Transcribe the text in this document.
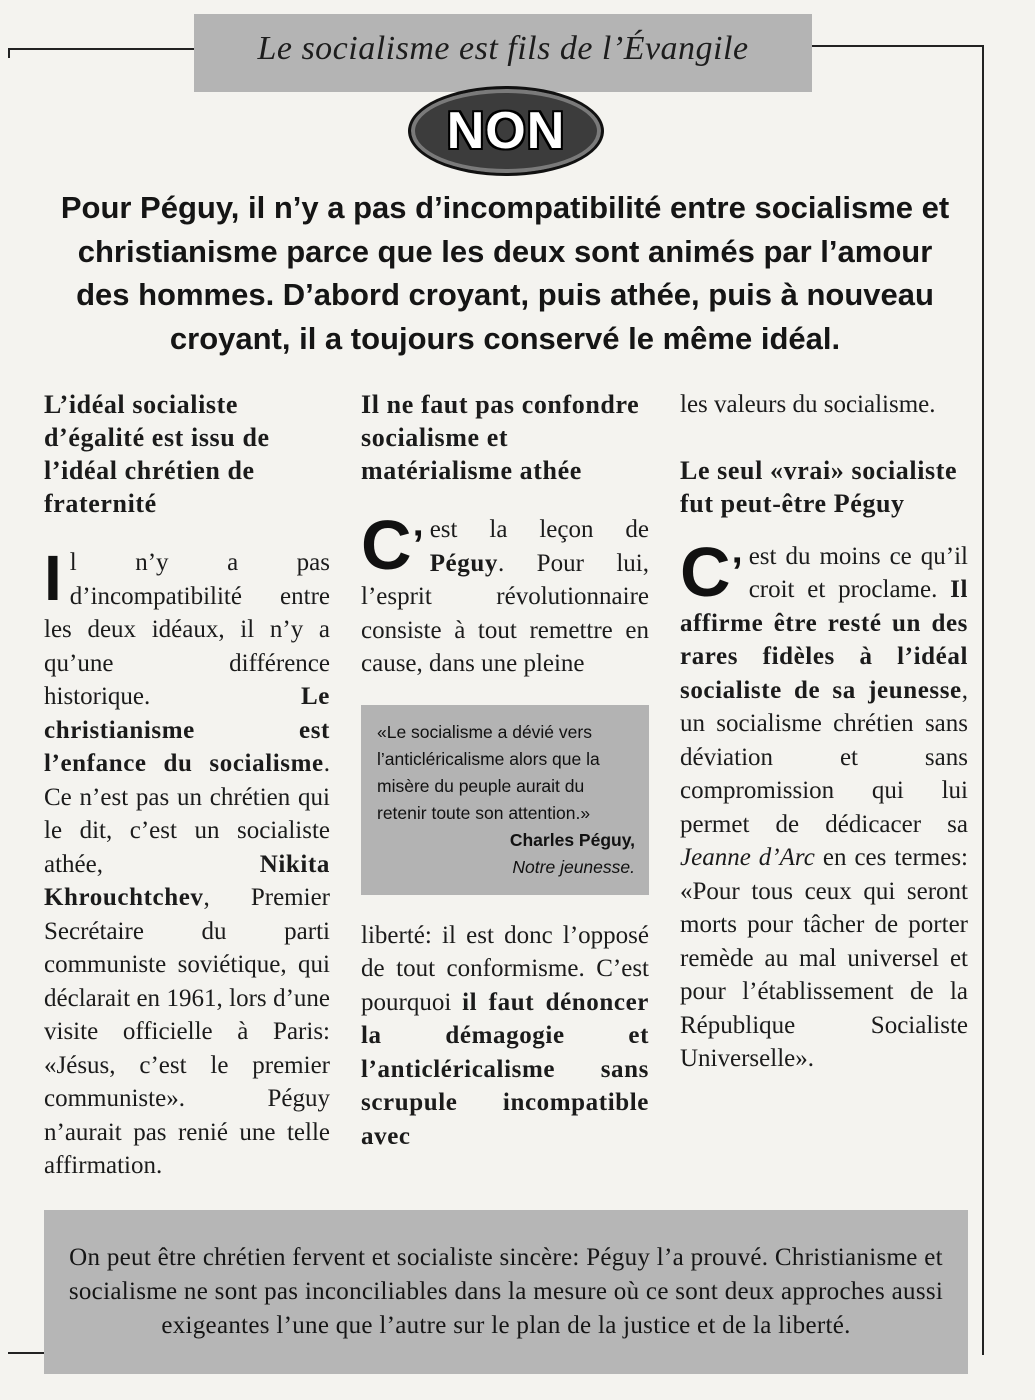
Le socialisme est fils de l’Évangile
NON

Pour Péguy, il n’y a pas d’incompatibilité entre socialisme et christianisme parce que les deux sont animés par l’amour des hommes. D’abord croyant, puis athée, puis à nouveau croyant, il a toujours conservé le même idéal.

L’idéal socialiste d’égalité est issu de l’idéal chrétien de fraternité

Il n’y a pas d’incompatibilité entre les deux idéaux, il n’y a qu’une différence historique.	Le christianisme est l’enfance du socialisme. Ce n’est pas un chrétien qui le dit, c’est un socialiste athée,	Nikita Khrouchtchev, Premier Secrétaire du parti communiste soviétique, qui déclarait en 1961, lors d’une visite officielle à Paris: «Jésus, c’est le premier communiste». Péguy n’aurait pas renié une telle affirmation.

Il ne faut pas confondre socialisme et matérialisme athée

C’ est la leçon de Péguy. Pour lui, l’esprit révolutionnaire consiste à tout remettre en cause, dans une pleine

«Le socialisme a dévié vers l’anticléricalisme alors que la misère du peuple aurait du retenir toute son attention.»
Charles Péguy,
Notre jeunesse.

liberté: il est donc l’opposé de tout conformisme. C’est pourquoi il faut dénoncer la démagogie et l’anticléricalisme sans scrupule incompatible avec

les valeurs du socialisme.

Le seul «vrai» socialiste fut peut-être Péguy

C’ est du moins ce qu’il croit et proclame. Il affirme être resté un des rares fidèles à l’idéal socialiste de sa jeunesse, un socialisme chrétien sans déviation et sans compromission qui lui permet de dédicacer sa Jeanne d’Arc en ces termes: «Pour tous ceux qui seront morts pour tâcher de porter remède au mal universel et pour l’établissement de la République Socialiste Universelle».

On peut être chrétien fervent et socialiste sincère: Péguy l’a prouvé. Christianisme et socialisme ne sont pas inconciliables dans la mesure où ce sont deux approches aussi exigeantes l’une que l’autre sur le plan de la justice et de la liberté.
